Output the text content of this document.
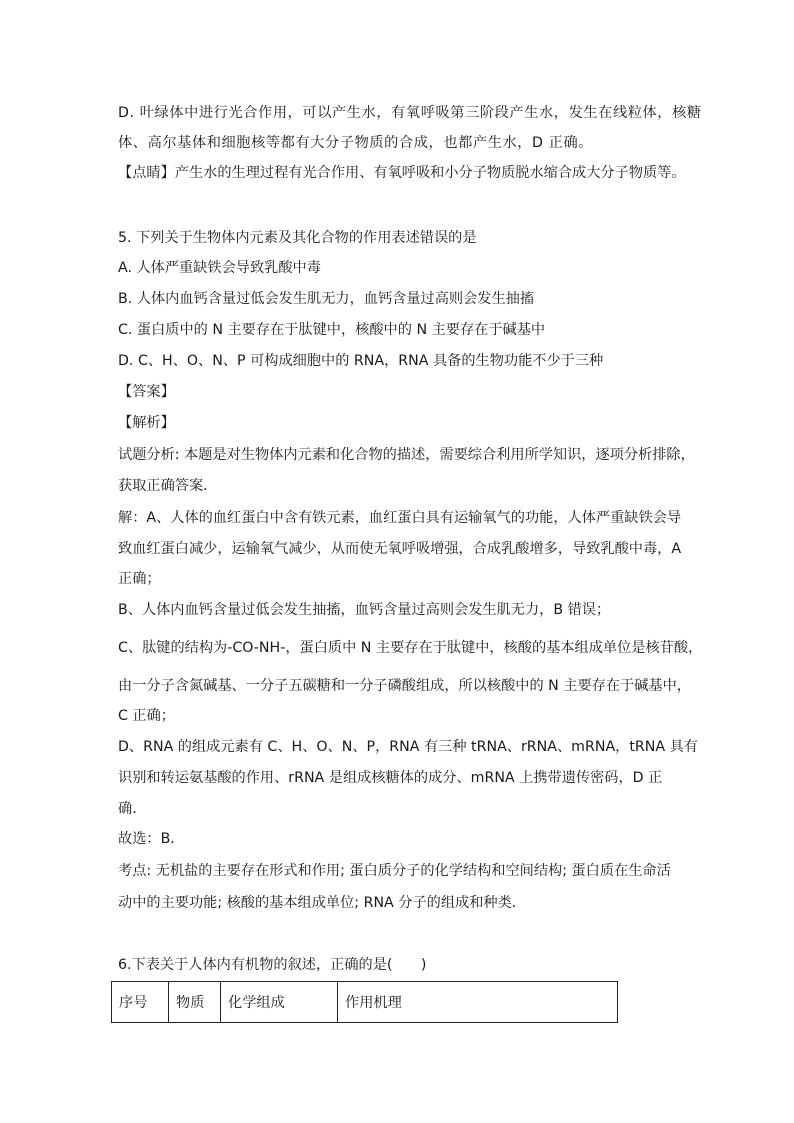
D. 叶绿体中进行光合作用，可以产生水，有氧呼吸第三阶段产生水，发生在线粒体，核糖
体、高尔基体和细胞核等都有大分子物质的合成，也都产生水，D 正确。
【点睛】产生水的生理过程有光合作用、有氧呼吸和小分子物质脱水缩合成大分子物质等。
5. 下列关于生物体内元素及其化合物的作用表述错误的是
A. 人体严重缺铁会导致乳酸中毒
B. 人体内血钙含量过低会发生肌无力，血钙含量过高则会发生抽搐
C. 蛋白质中的 N 主要存在于肽键中，核酸中的 N 主要存在于碱基中
D. C、H、O、N、P 可构成细胞中的 RNA，RNA 具备的生物功能不少于三种
【答案】
【解析】
试题分析: 本题是对生物体内元素和化合物的描述，需要综合利用所学知识，逐项分析排除，
获取正确答案．
解：A、人体的血红蛋白中含有铁元素，血红蛋白具有运输氧气的功能，人体严重缺铁会导
致血红蛋白减少，运输氧气减少，从而使无氧呼吸增强，合成乳酸增多，导致乳酸中毒，A
正确；
B、人体内血钙含量过低会发生抽搐，血钙含量过高则会发生肌无力，B 错误；
C、肽键的结构为-CO-NH-，蛋白质中 N 主要存在于肽键中，核酸的基本组成单位是核苷酸，
由一分子含氮碱基、一分子五碳糖和一分子磷酸组成，所以核酸中的 N 主要存在于碱基中，
C 正确；
D、RNA 的组成元素有 C、H、O、N、P，RNA 有三种 tRNA、rRNA、mRNA，tRNA 具有
识别和转运氨基酸的作用、rRNA 是组成核糖体的成分、mRNA 上携带遗传密码，D 正
确．
故选：B．
考点: 无机盐的主要存在形式和作用; 蛋白质分子的化学结构和空间结构; 蛋白质在生命活
动中的主要功能; 核酸的基本组成单位; RNA 分子的组成和种类．
6.下表关于人体内有机物的叙述，正确的是(　　)
序号	物质	化学组成	作用机理
